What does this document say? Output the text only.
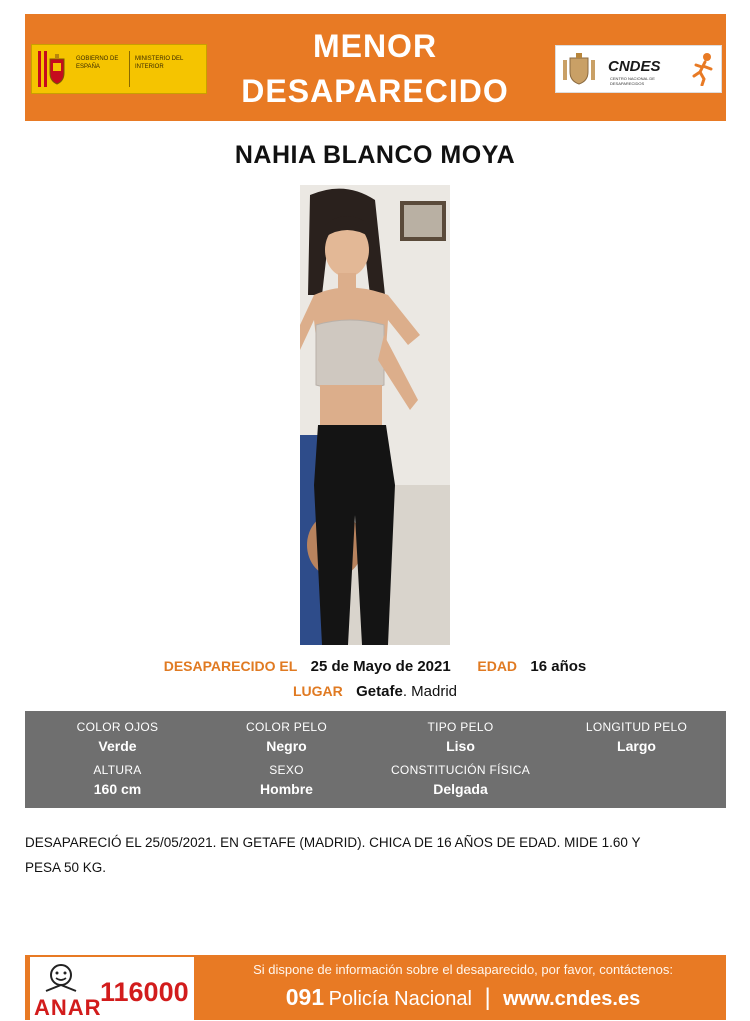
GOBIERNO DE ESPAÑA
MINISTERIO DEL INTERIOR
MENOR
DESAPARECIDO
CNDES
CENTRO NACIONAL DE DESAPARECIDOS
NAHIA BLANCO MOYA
DESAPARECIDO EL 25 de Mayo de 2021 EDAD 16 años
LUGAR Getafe. Madrid
COLOR OJOS
Verde
COLOR PELO
Negro
TIPO PELO
Liso
LONGITUD PELO
Largo
ALTURA
160 cm
SEXO
Hombre
CONSTITUCIÓN FÍSICA
Delgada
DESAPARECIÓ EL 25/05/2021. EN GETAFE (MADRID). CHICA DE 16 AÑOS DE EDAD. MIDE 1.60 Y
PESA 50 KG.
ANAR
116000
Si dispone de información sobre el desaparecido, por favor, contáctenos:
091 Policía Nacional | www.cndes.es
